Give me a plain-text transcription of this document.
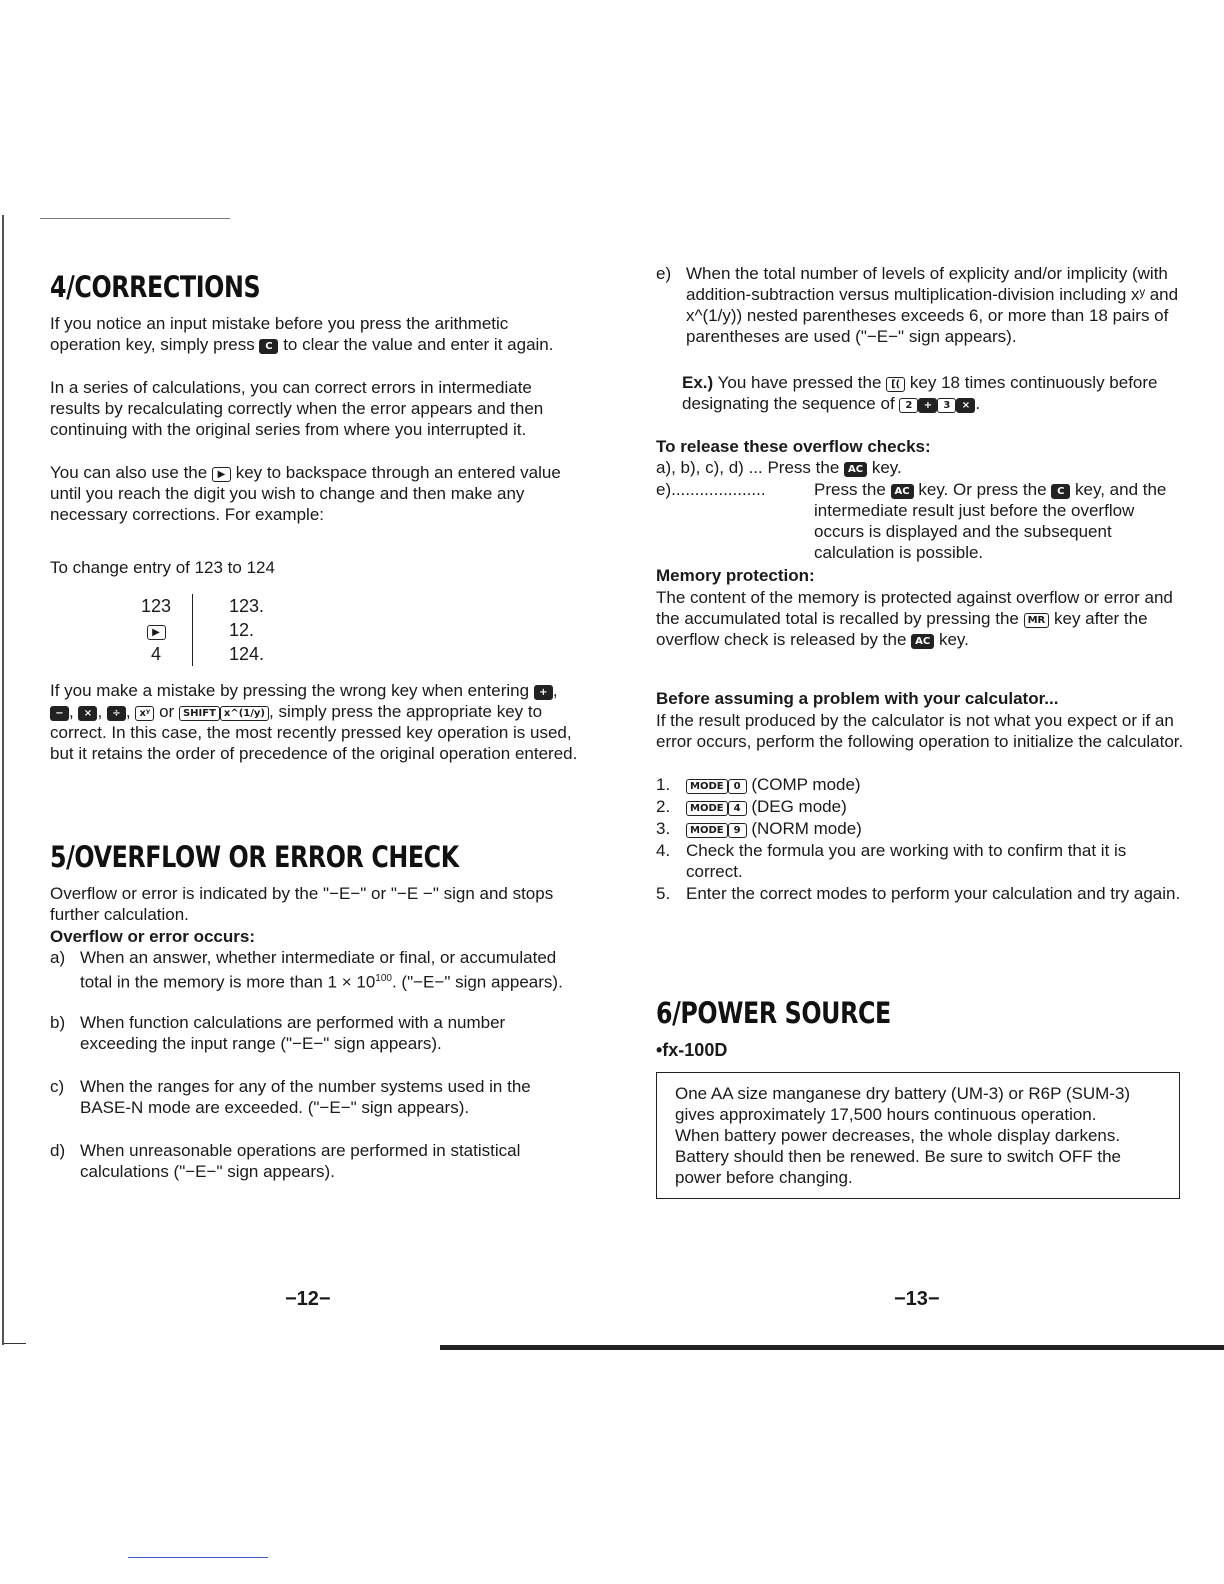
4/CORRECTIONS

If you notice an input mistake before you press the arithmetic operation key, simply press C to clear the value and enter it again.

In a series of calculations, you can correct errors in intermediate results by recalculating correctly when the error appears and then continuing with the original series from where you interrupted it.

You can also use the ▶ key to backspace through an entered value until you reach the digit you wish to change and then make any necessary corrections. For example:

To change entry of 123 to 124

123	123.
▶	12.
4	124.

If you make a mistake by pressing the wrong key when entering + , − , × , ÷ , xʸ or SHIFT x^(1/y) , simply press the appropriate key to correct. In this case, the most recently pressed key operation is used, but it retains the order of precedence of the original operation entered.

5/OVERFLOW OR ERROR CHECK

Overflow or error is indicated by the "−E−" or "−E −" sign and stops further calculation.

Overflow or error occurs:

a) When an answer, whether intermediate or final, or accumulated total in the memory is more than $1 \times 10^{100}$. ("−E−" sign appears).
b) When function calculations are performed with a number exceeding the input range ("−E−" sign appears).
c) When the ranges for any of the number systems used in the BASE-N mode are exceeded. ("−E−" sign appears).
d) When unreasonable operations are performed in statistical calculations ("−E−" sign appears).
−12−
e) When the total number of levels of explicity and/or implicity (with addition-subtraction versus multiplication-division including xʸ and x^(1/y)) nested parentheses exceeds 6, or more than 18 pairs of parentheses are used ("−E−" sign appears).

Ex.) You have pressed the [( key 18 times continuously before designating the sequence of 2 + 3 × .

To release these overflow checks:

a), b), c), d) ... Press the AC key.
e)....................	Press the AC key. Or press the C key, and the intermediate result just before the overflow occurs is displayed and the subsequent calculation is possible.

Memory protection:

The content of the memory is protected against overflow or error and the accumulated total is recalled by pressing the MR key after the overflow check is released by the AC key.

Before assuming a problem with your calculator...

If the result produced by the calculator is not what you expect or if an error occurs, perform the following operation to initialize the calculator.

1.	MODE 0 (COMP mode)
2.	MODE 4 (DEG mode)
3.	MODE 9 (NORM mode)
4. Check the formula you are working with to confirm that it is correct.
5. Enter the correct modes to perform your calculation and try again.
6/POWER SOURCE

•fx-100D

One AA size manganese dry battery (UM-3) or R6P (SUM-3) gives approximately 17,500 hours continuous operation.
When battery power decreases, the whole display darkens. Battery should then be renewed. Be sure to switch OFF the power before changing.
−13−
